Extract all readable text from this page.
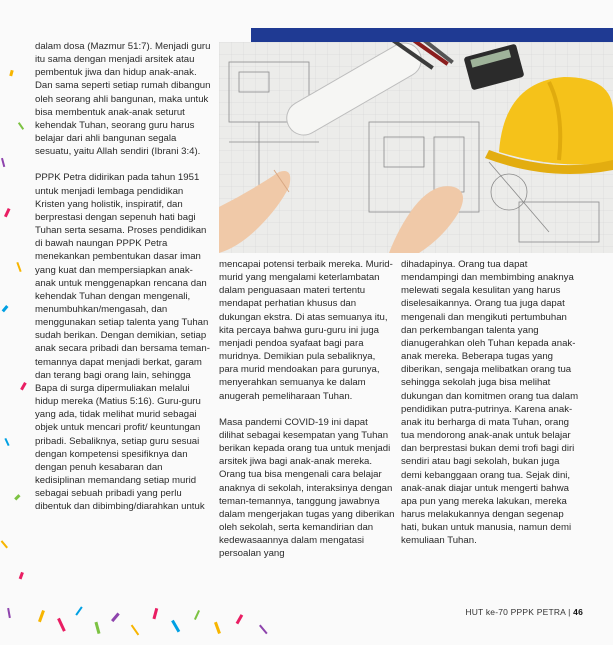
dalam dosa (Mazmur 51:7). Menjadi guru itu sama dengan menjadi arsitek atau pembentuk jiwa dan hidup anak-anak. Dan sama seperti setiap rumah dibangun oleh seorang ahli bangunan, maka untuk bisa membentuk anak-anak seturut kehendak Tuhan, seorang guru harus belajar dari ahli bangunan segala sesuatu, yaitu Allah sendiri (Ibrani 3:4).

PPPK Petra didirikan pada tahun 1951 untuk menjadi lembaga pendidikan Kristen yang holistik, inspiratif, dan berprestasi dengan sepenuh hati bagi Tuhan serta sesama. Proses pendidikan di bawah naungan PPPK Petra menekankan pembentukan dasar iman yang kuat dan mempersiapkan anak-anak untuk menggenapkan rencana dan kehendak Tuhan dengan mengenali, menumbuhkan/mengasah, dan menggunakan setiap talenta yang Tuhan sudah berikan. Dengan demikian, setiap anak secara pribadi dan bersama teman-temannya dapat menjadi berkat, garam dan terang bagi orang lain, sehingga Bapa di surga dipermuliakan melalui hidup mereka (Matius 5:16). Guru-guru yang ada, tidak melihat murid sebagai objek untuk mencari profit/ keuntungan pribadi. Sebaliknya, setiap guru sesuai dengan kompetensi spesifiknya dan dengan penuh kesabaran dan kedisiplinan memandang setiap murid sebagai sebuah pribadi yang perlu dibentuk dan dibimbing/diarahkan untuk

mencapai potensi terbaik mereka. Murid-murid yang mengalami keterlambatan dalam penguasaan materi tertentu mendapat perhatian khusus dan dukungan ekstra. Di atas semuanya itu, kita percaya bahwa guru-guru ini juga menjadi pendoa syafaat bagi para muridnya. Demikian pula sebaliknya, para murid mendoakan para gurunya, menyerahkan semuanya ke dalam anugerah pemeliharaan Tuhan.

Masa pandemi COVID-19 ini dapat dilihat sebagai kesempatan yang Tuhan berikan kepada orang tua untuk menjadi arsitek jiwa bagi anak-anak mereka. Orang tua bisa mengenali cara belajar anaknya di sekolah, interaksinya dengan teman-temannya, tanggung jawabnya dalam mengerjakan tugas yang diberikan oleh sekolah, serta kemandirian dan kedewasaannya dalam mengatasi persoalan yang

dihadapinya. Orang tua dapat mendampingi dan membimbing anaknya melewati segala kesulitan yang harus diselesaikannya. Orang tua juga dapat mengenali dan mengikuti pertumbuhan dan perkembangan talenta yang dianugerahkan oleh Tuhan kepada anak-anak mereka. Beberapa tugas yang diberikan, sengaja melibatkan orang tua sehingga sekolah juga bisa melihat dukungan dan komitmen orang tua dalam pendidikan putra-putrinya. Karena anak-anak itu berharga di mata Tuhan, orang tua mendorong anak-anak untuk belajar dan berprestasi bukan demi trofi bagi diri sendiri atau bagi sekolah, bukan juga demi kebanggaan orang tua. Sejak dini, anak-anak diajar untuk mengerti bahwa apa pun yang mereka lakukan, mereka harus melakukannya dengan segenap hati, bukan untuk manusia, namun demi kemuliaan Tuhan.

HUT ke-70 PPPK PETRA | 46
